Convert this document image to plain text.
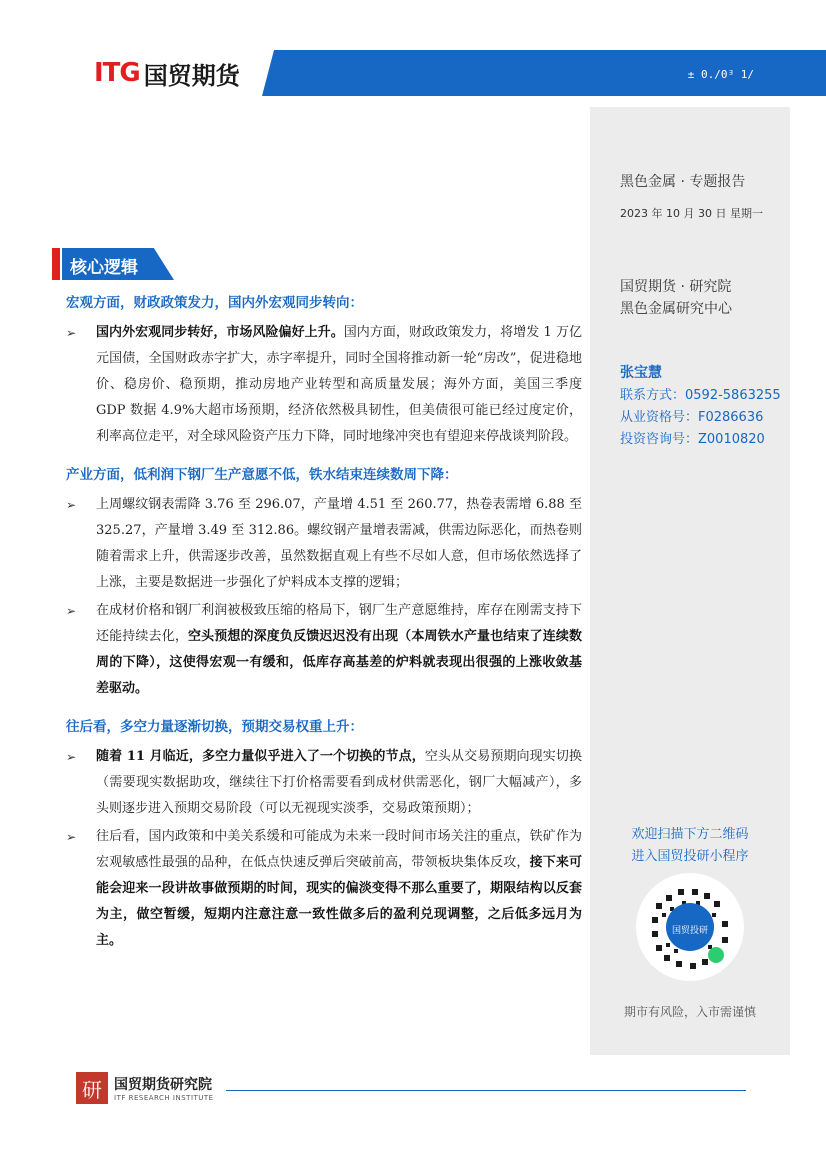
ITG 国贸期货	± 0./0ᴲ 1/
黑色金属 · 专题报告
2023 年 10 月 30 日 星期一
国贸期货 · 研究院
黑色金属研究中心
张宝慧
联系方式：0592-5863255
从业资格号：F0286636
投资咨询号：Z0010820
欢迎扫描下方二维码
进入国贸投研小程序
国贸投研
期市有风险，入市需谨慎
核心逻辑
宏观方面，财政政策发力，国内外宏观同步转向：
➢ 国内外宏观同步转好，市场风险偏好上升。国内方面，财政政策发力，将增发 1 万亿元国债，全国财政赤字扩大，赤字率提升，同时全国将推动新一轮“房改”，促进稳地价、稳房价、稳预期，推动房地产业转型和高质量发展；海外方面，美国三季度 GDP 数据 4.9%大超市场预期，经济依然极具韧性，但美债很可能已经过度定价，利率高位走平，对全球风险资产压力下降，同时地缘冲突也有望迎来停战谈判阶段。
产业方面，低利润下钢厂生产意愿不低，铁水结束连续数周下降：
➢ 上周螺纹钢表需降 3.76 至 296.07，产量增 4.51 至 260.77，热卷表需增 6.88 至 325.27，产量增 3.49 至 312.86。螺纹钢产量增表需减，供需边际恶化，而热卷则随着需求上升，供需逐步改善，虽然数据直观上有些不尽如人意，但市场依然选择了上涨，主要是数据进一步强化了炉料成本支撑的逻辑；
➢ 在成材价格和钢厂利润被极致压缩的格局下，钢厂生产意愿维持，库存在刚需支持下还能持续去化，空头预想的深度负反馈迟迟没有出现（本周铁水产量也结束了连续数周的下降），这使得宏观一有缓和，低库存高基差的炉料就表现出很强的上涨收敛基差驱动。
往后看，多空力量逐渐切换，预期交易权重上升：
➢ 随着 11 月临近，多空力量似乎进入了一个切换的节点，空头从交易预期向现实切换（需要现实数据助攻，继续往下打价格需要看到成材供需恶化，钢厂大幅减产），多头则逐步进入预期交易阶段（可以无视现实淡季，交易政策预期）；
➢ 往后看，国内政策和中美关系缓和可能成为未来一段时间市场关注的重点，铁矿作为宏观敏感性最强的品种，在低点快速反弹后突破前高，带领板块集体反攻，接下来可能会迎来一段讲故事做预期的时间，现实的偏淡变得不那么重要了，期限结构以反套为主，做空暂缓，短期内注意注意一致性做多后的盈利兑现调整，之后低多远月为主。
研 国贸期货研究院
ITF RESEARCH INSTITUTE
